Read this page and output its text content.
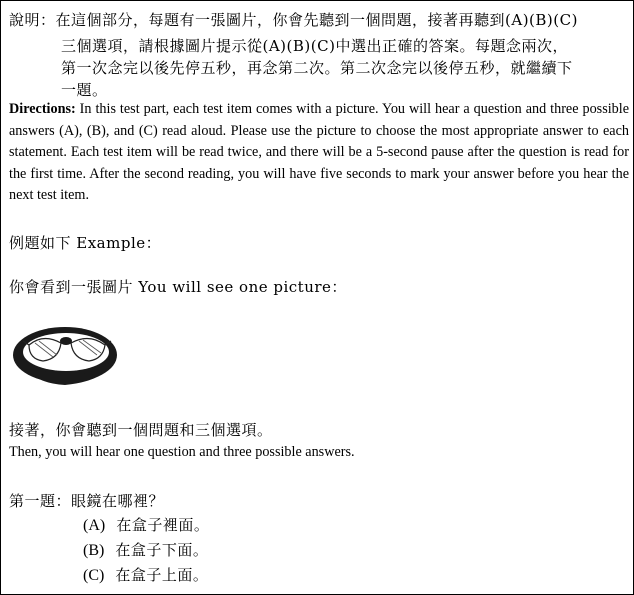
說明：在這個部分，每題有一張圖片，你會先聽到一個問題，接著再聽到(A)(B)(C)
三個選項，請根據圖片提示從(A)(B)(C)中選出正確的答案。每題念兩次，
第一次念完以後先停五秒，再念第二次。第二次念完以後停五秒，就繼續下
一題。
Directions: In this test part, each test item comes with a picture. You will hear a question and three possible answers (A), (B), and (C) read aloud. Please use the picture to choose the most appropriate answer to each statement. Each test item will be read twice, and there will be a 5-second pause after the question is read for the first time. After the second reading, you will have five seconds to mark your answer before you hear the next test item.
例題如下 Example：
你會看到一張圖片 You will see one picture：
接著，你會聽到一個問題和三個選項。
Then, you will hear one question and three possible answers.
第一題：眼鏡在哪裡？
(A) 在盒子裡面。
(B) 在盒子下面。
(C) 在盒子上面。
